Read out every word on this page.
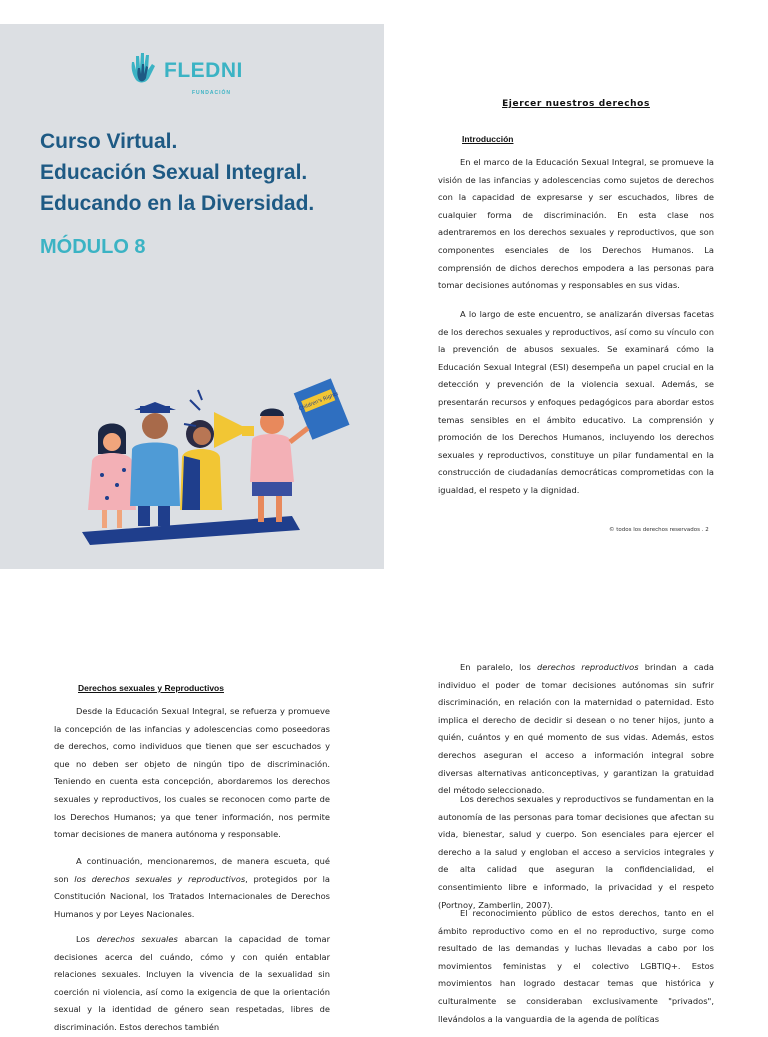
FLEDNI
FUNDACIÓN
Curso Virtual.
Educación Sexual Integral.
Educando en la Diversidad.
MÓDULO 8
Children's Rights
Ejercer nuestros derechos
Introducción

En el marco de la Educación Sexual Integral, se promueve la visión de las infancias y adolescencias como sujetos de derechos con la capacidad de expresarse y ser escuchados, libres de cualquier forma de discriminación. En esta clase nos adentraremos en los derechos sexuales y reproductivos, que son componentes esenciales de los Derechos Humanos. La comprensión de dichos derechos empodera a las personas para tomar decisiones autónomas y responsables en sus vidas.

A lo largo de este encuentro, se analizarán diversas facetas de los derechos sexuales y reproductivos, así como su vínculo con la prevención de abusos sexuales. Se examinará cómo la Educación Sexual Integral (ESI) desempeña un papel crucial en la detección y prevención de la violencia sexual. Además, se presentarán recursos y enfoques pedagógicos para abordar estos temas sensibles en el ámbito educativo. La comprensión y promoción de los Derechos Humanos, incluyendo los derechos sexuales y reproductivos, constituye un pilar fundamental en la construcción de ciudadanías democráticas comprometidas con la igualdad, el respeto y la dignidad.

© todos los derechos reservados . 2
Derechos sexuales y Reproductivos

Desde la Educación Sexual Integral, se refuerza y promueve la concepción de las infancias y adolescencias como poseedoras de derechos, como individuos que tienen que ser escuchados y que no deben ser objeto de ningún tipo de discriminación. Teniendo en cuenta esta concepción, abordaremos los derechos sexuales y reproductivos, los cuales se reconocen como parte de los Derechos Humanos; ya que tener información, nos permite tomar decisiones de manera autónoma y responsable.

A continuación, mencionaremos, de manera escueta, qué son los derechos sexuales y reproductivos, protegidos por la Constitución Nacional, los Tratados Internacionales de Derechos Humanos y por Leyes Nacionales.

Los derechos sexuales abarcan la capacidad de tomar decisiones acerca del cuándo, cómo y con quién entablar relaciones sexuales. Incluyen la vivencia de la sexualidad sin coerción ni violencia, así como la exigencia de que la orientación sexual y la identidad de género sean respetadas, libres de discriminación. Estos derechos también

En paralelo, los derechos reproductivos brindan a cada individuo el poder de tomar decisiones autónomas sin sufrir discriminación, en relación con la maternidad o paternidad. Esto implica el derecho de decidir si desean o no tener hijos, junto a quién, cuántos y en qué momento de sus vidas. Además, estos derechos aseguran el acceso a información integral sobre diversas alternativas anticonceptivas, y garantizan la gratuidad del método seleccionado.

Los derechos sexuales y reproductivos se fundamentan en la autonomía de las personas para tomar decisiones que afectan su vida, bienestar, salud y cuerpo. Son esenciales para ejercer el derecho a la salud y engloban el acceso a servicios integrales y de alta calidad que aseguran la confidencialidad, el consentimiento libre e informado, la privacidad y el respeto (Portnoy, Zamberlin, 2007).

El reconocimiento público de estos derechos, tanto en el ámbito reproductivo como en el no reproductivo, surge como resultado de las demandas y luchas llevadas a cabo por los movimientos feministas y el colectivo LGBTIQ+. Estos movimientos han logrado destacar temas que histórica y culturalmente se consideraban exclusivamente "privados", llevándolos a la vanguardia de la agenda de políticas
